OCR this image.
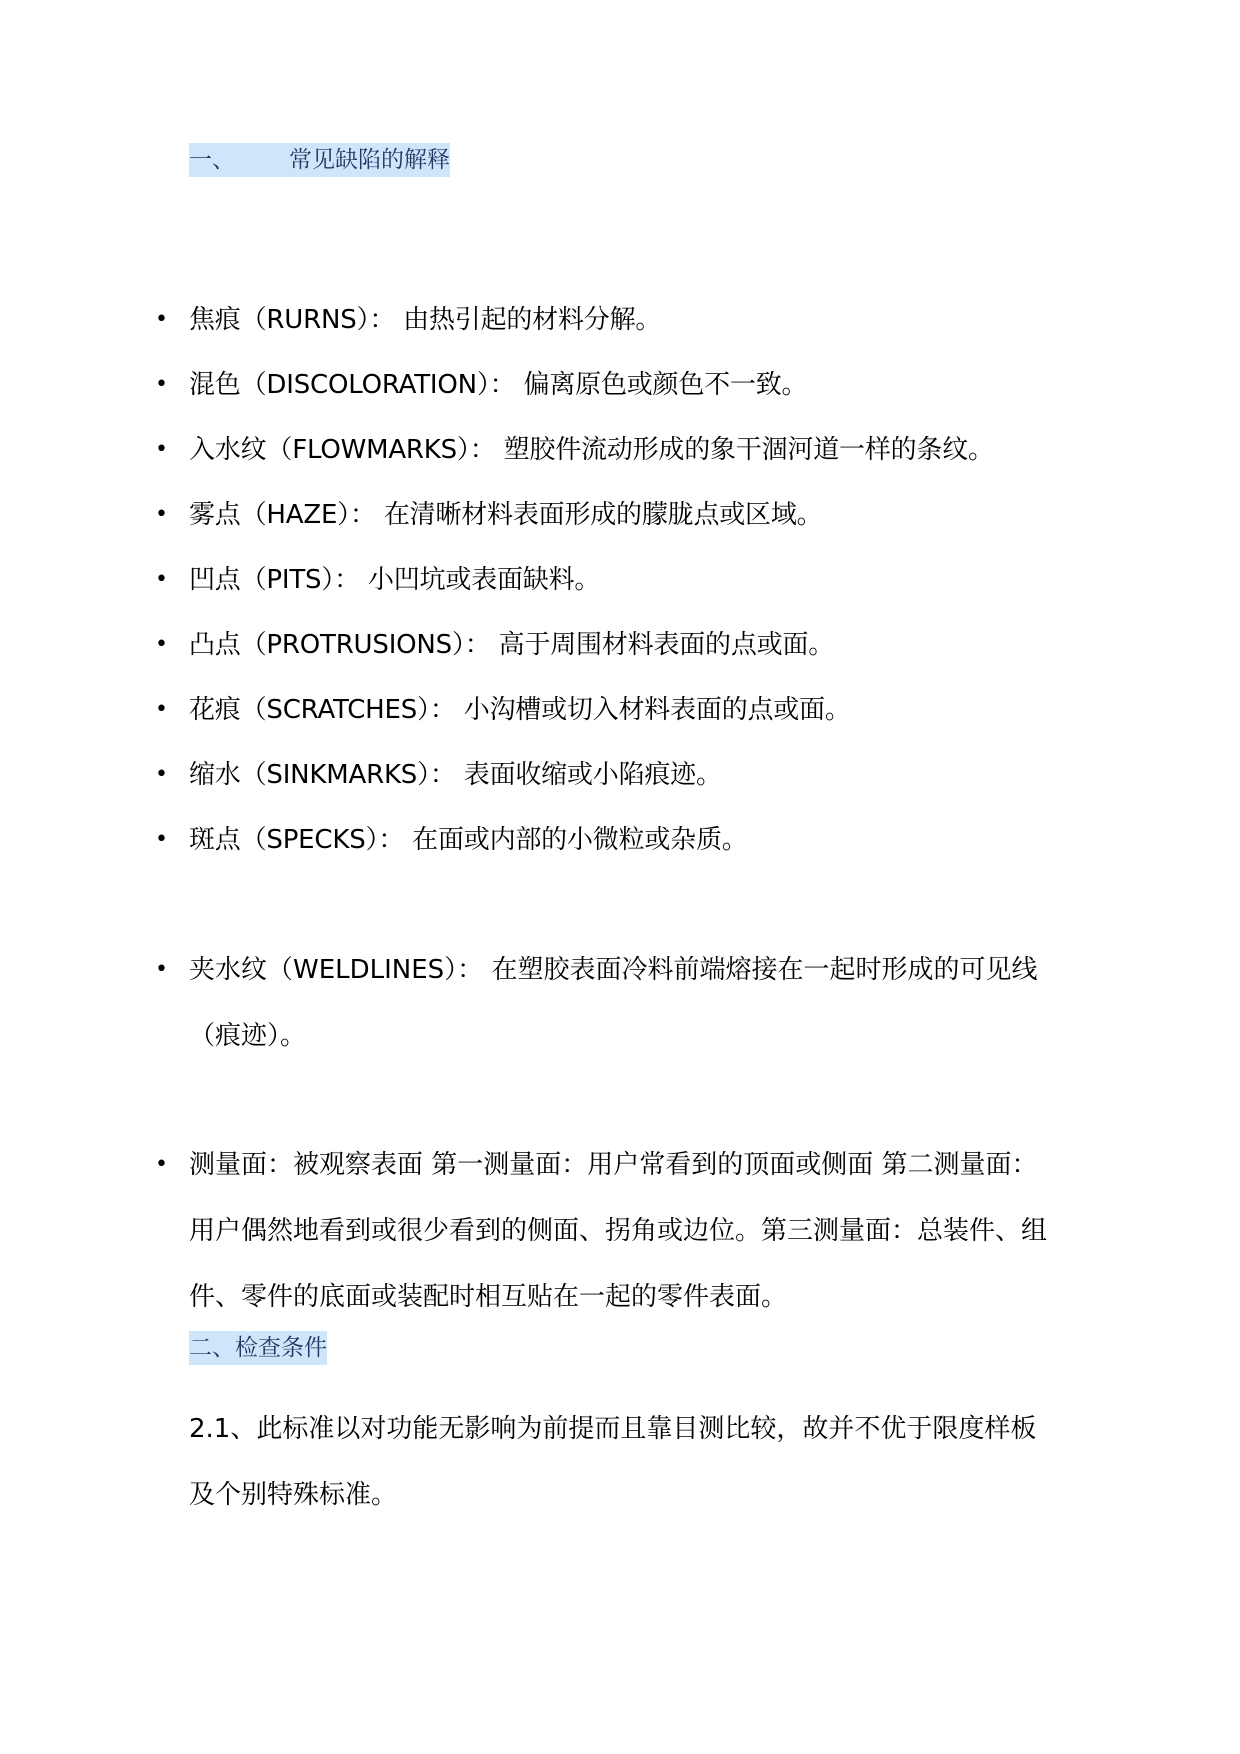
一、 常见缺陷的解释
• 焦痕（RURNS）： 由热引起的材料分解。
• 混色（DISCOLORATION）： 偏离原色或颜色不一致。
• 入水纹（FLOWMARKS）： 塑胶件流动形成的象干涸河道一样的条纹。
• 雾点（HAZE）： 在清晰材料表面形成的朦胧点或区域。
• 凹点（PITS）： 小凹坑或表面缺料。
• 凸点（PROTRUSIONS）： 高于周围材料表面的点或面。
• 花痕（SCRATCHES）： 小沟槽或切入材料表面的点或面。
• 缩水（SINKMARKS）： 表面收缩或小陷痕迹。
• 斑点（SPECKS）： 在面或内部的小微粒或杂质。
• 夹水纹（WELDLINES）： 在塑胶表面冷料前端熔接在一起时形成的可见线（痕迹）。
• 测量面：被观察表面 第一测量面：用户常看到的顶面或侧面 第二测量面：用户偶然地看到或很少看到的侧面、拐角或边位。第三测量面：总装件、组件、零件的底面或装配时相互贴在一起的零件表面。
二、检查条件
2.1、此标准以对功能无影响为前提而且靠目测比较，故并不优于限度样板及个别特殊标准。
